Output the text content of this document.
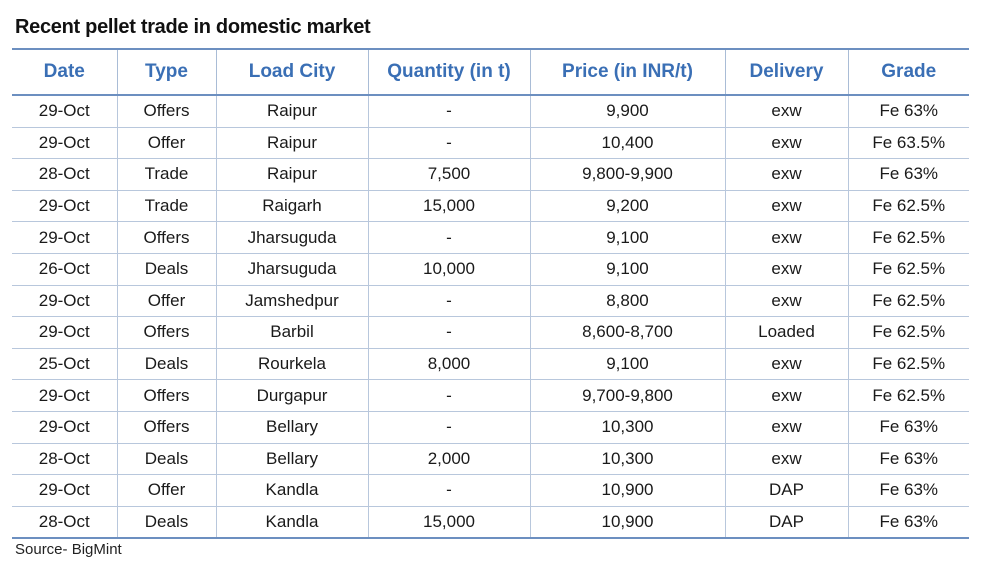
Recent pellet trade in domestic market
Date	Type	Load City	Quantity (in t)	Price (in INR/t)	Delivery	Grade
29-Oct	Offers	Raipur	-	9,900	exw	Fe 63%
29-Oct	Offer	Raipur	-	10,400	exw	Fe 63.5%
28-Oct	Trade	Raipur	7,500	9,800-9,900	exw	Fe 63%
29-Oct	Trade	Raigarh	15,000	9,200	exw	Fe 62.5%
29-Oct	Offers	Jharsuguda	-	9,100	exw	Fe 62.5%
26-Oct	Deals	Jharsuguda	10,000	9,100	exw	Fe 62.5%
29-Oct	Offer	Jamshedpur	-	8,800	exw	Fe 62.5%
29-Oct	Offers	Barbil	-	8,600-8,700	Loaded	Fe 62.5%
25-Oct	Deals	Rourkela	8,000	9,100	exw	Fe 62.5%
29-Oct	Offers	Durgapur	-	9,700-9,800	exw	Fe 62.5%
29-Oct	Offers	Bellary	-	10,300	exw	Fe 63%
28-Oct	Deals	Bellary	2,000	10,300	exw	Fe 63%
29-Oct	Offer	Kandla	-	10,900	DAP	Fe 63%
28-Oct	Deals	Kandla	15,000	10,900	DAP	Fe 63%
Source- BigMint
